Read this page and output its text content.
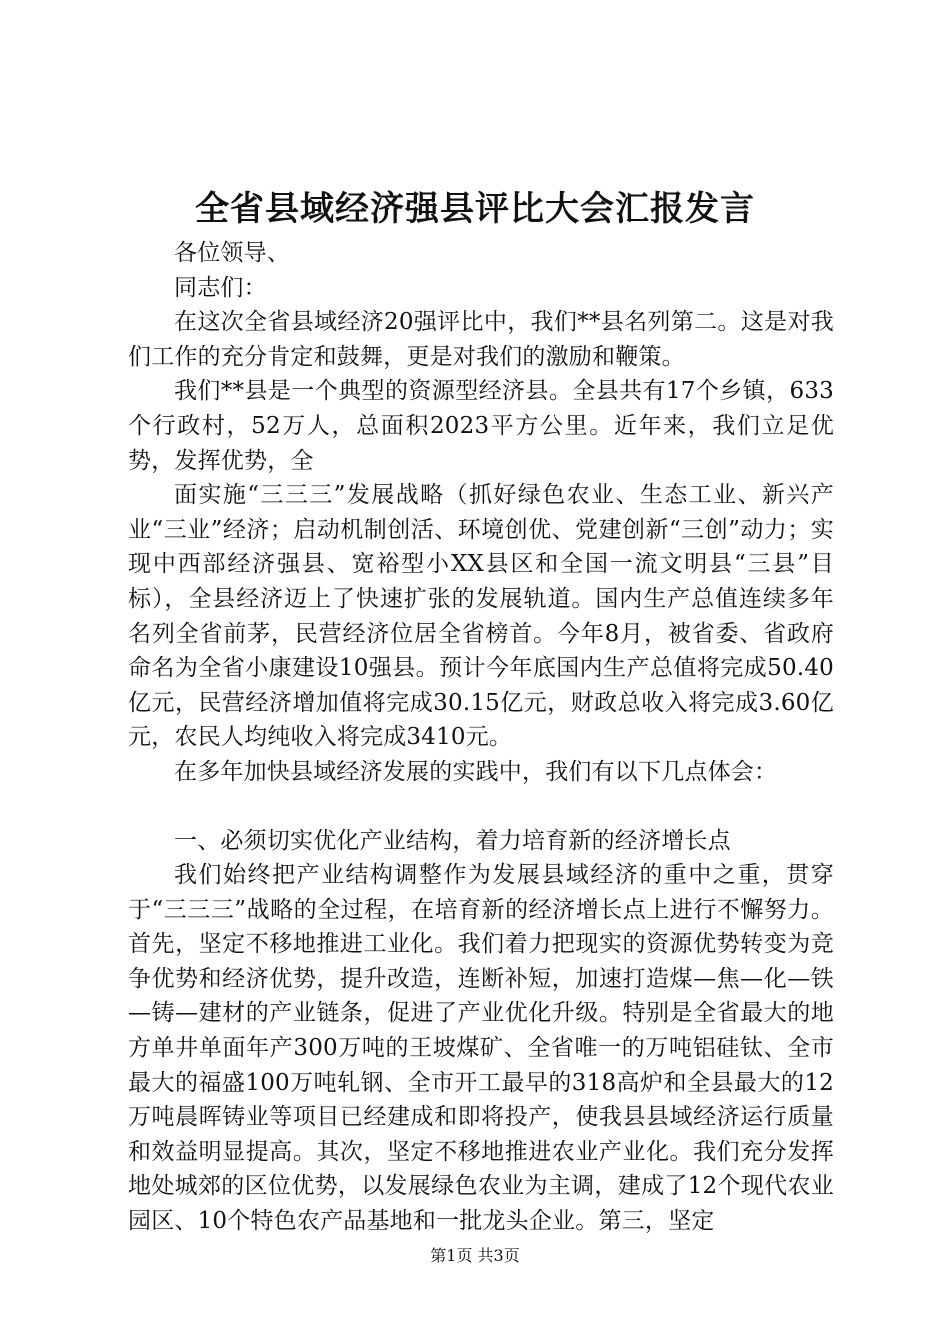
全省县域经济强县评比大会汇报发言

各位领导、

同志们：

在这次全省县域经济20强评比中，我们**县名列第二。这是对我们工作的充分肯定和鼓舞，更是对我们的激励和鞭策。

我们**县是一个典型的资源型经济县。全县共有17个乡镇，633个行政村，52万人，总面积2023平方公里。近年来，我们立足优势，发挥优势，全

面实施“三三三”发展战略（抓好绿色农业、生态工业、新兴产业“三业”经济；启动机制创活、环境创优、党建创新“三创”动力；实现中西部经济强县、宽裕型小XX县区和全国一流文明县“三县”目标），全县经济迈上了快速扩张的发展轨道。国内生产总值连续多年名列全省前茅，民营经济位居全省榜首。今年8月，被省委、省政府命名为全省小康建设10强县。预计今年底国内生产总值将完成50.40亿元，民营经济增加值将完成30.15亿元，财政总收入将完成3.60亿元，农民人均纯收入将完成3410元。

在多年加快县域经济发展的实践中，我们有以下几点体会：

一、必须切实优化产业结构，着力培育新的经济增长点

我们始终把产业结构调整作为发展县域经济的重中之重，贯穿于“三三三”战略的全过程，在培育新的经济增长点上进行不懈努力。首先，坚定不移地推进工业化。我们着力把现实的资源优势转变为竞争优势和经济优势，提升改造，连断补短，加速打造煤—焦—化—铁—铸—建材的产业链条，促进了产业优化升级。特别是全省最大的地方单井单面年产300万吨的王坡煤矿、全省唯一的万吨铝硅钛、全市最大的福盛100万吨轧钢、全市开工最早的318高炉和全县最大的12万吨晨晖铸业等项目已经建成和即将投产，使我县县域经济运行质量和效益明显提高。其次，坚定不移地推进农业产业化。我们充分发挥地处城郊的区位优势，以发展绿色农业为主调，建成了12个现代农业园区、10个特色农产品基地和一批龙头企业。第三，坚定

第1页 共3页
